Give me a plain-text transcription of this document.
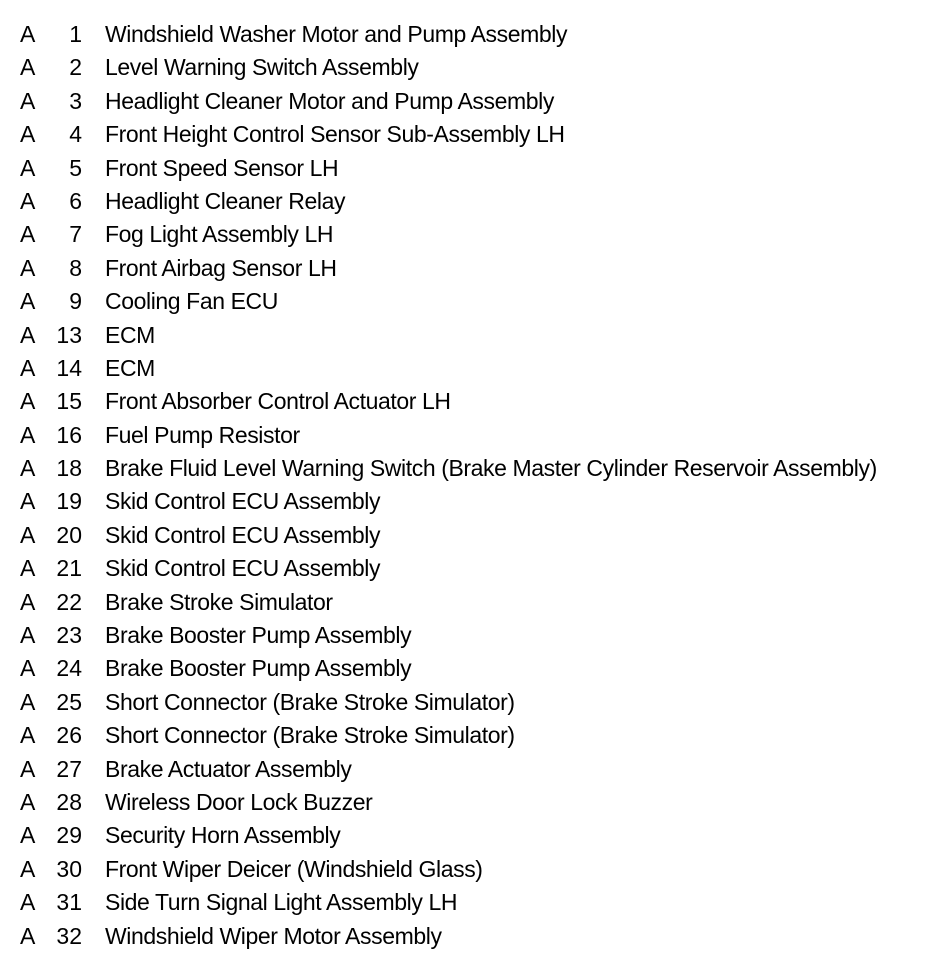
A	1 Windshield Washer Motor and Pump Assembly
A	2 Level Warning Switch Assembly
A	3 Headlight Cleaner Motor and Pump Assembly
A	4 Front Height Control Sensor Sub-Assembly LH
A	5 Front Speed Sensor LH
A	6 Headlight Cleaner Relay
A	7 Fog Light Assembly LH
A	8 Front Airbag Sensor LH
A	9 Cooling Fan ECU
A 13 ECM
A 14 ECM
A 15 Front Absorber Control Actuator LH
A 16 Fuel Pump Resistor
A 18 Brake Fluid Level Warning Switch (Brake Master Cylinder Reservoir Assembly)
A 19 Skid Control ECU Assembly
A 20 Skid Control ECU Assembly
A 21 Skid Control ECU Assembly
A 22 Brake Stroke Simulator
A 23 Brake Booster Pump Assembly
A 24 Brake Booster Pump Assembly
A 25 Short Connector (Brake Stroke Simulator)
A 26 Short Connector (Brake Stroke Simulator)
A 27 Brake Actuator Assembly
A 28 Wireless Door Lock Buzzer
A 29 Security Horn Assembly
A 30 Front Wiper Deicer (Windshield Glass)
A 31 Side Turn Signal Light Assembly LH
A 32 Windshield Wiper Motor Assembly
